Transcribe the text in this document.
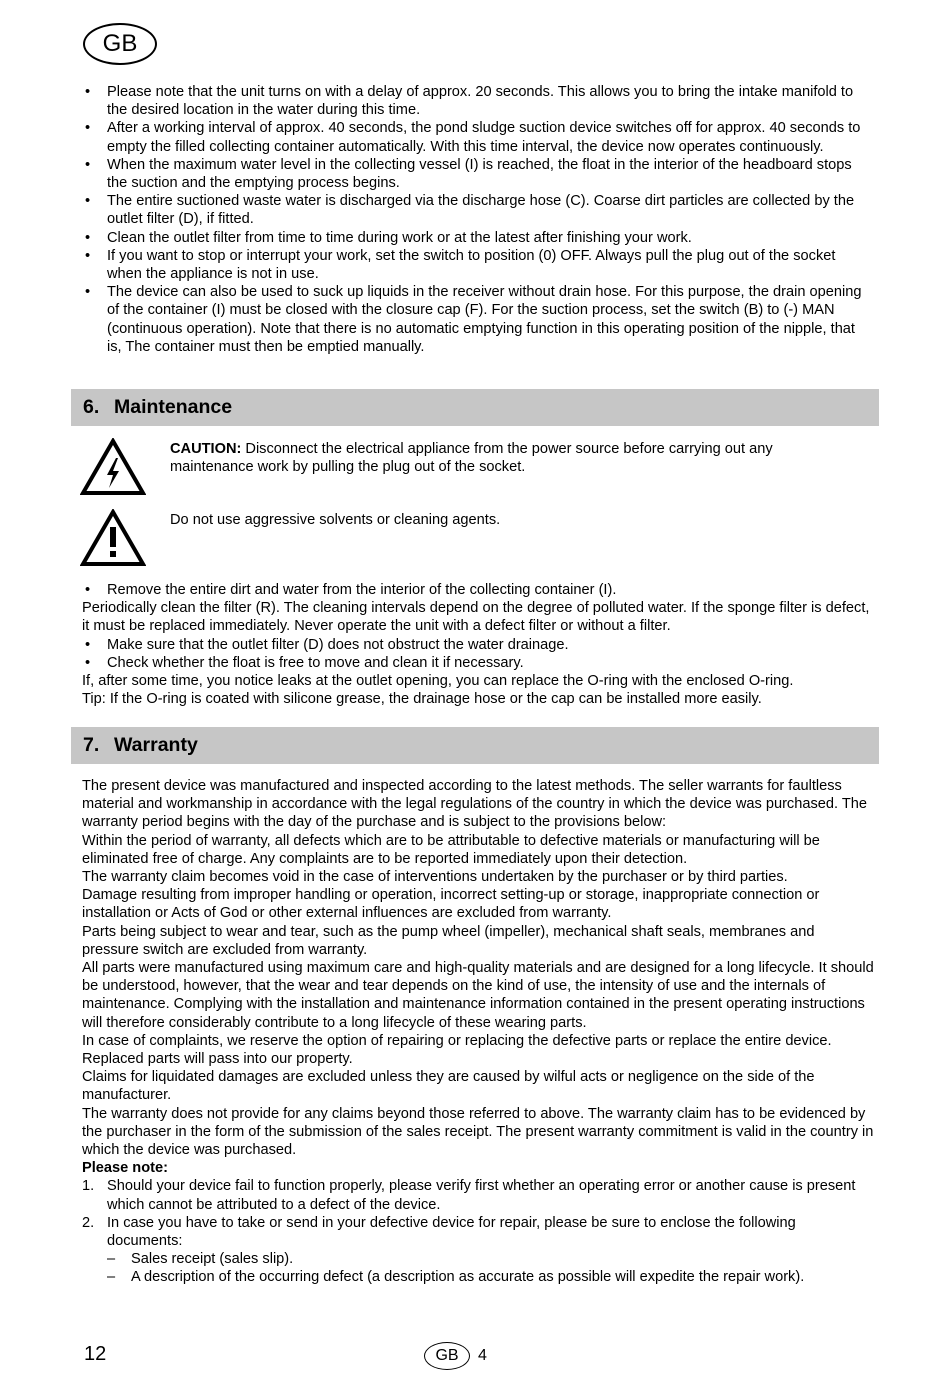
GB
• Please note that the unit turns on with a delay of approx. 20 seconds. This allows you to bring the intake manifold to the desired location in the water during this time.
• After a working interval of approx. 40 seconds, the pond sludge suction device switches off for approx. 40 seconds to empty the filled collecting container automatically. With this time interval, the device now operates continuously.
• When the maximum water level in the collecting vessel (I) is reached, the float in the interior of the headboard stops the suction and the emptying process begins.
• The entire suctioned waste water is discharged via the discharge hose (C). Coarse dirt particles are collected by the outlet filter (D), if fitted.
• Clean the outlet filter from time to time during work or at the latest after finishing your work.
• If you want to stop or interrupt your work, set the switch to position (0) OFF. Always pull the plug out of the socket when the appliance is not in use.
• The device can also be used to suck up liquids in the receiver without drain hose. For this purpose, the drain opening of the container (I) must be closed with the closure cap (F). For the suction process, set the switch (B) to (-) MAN (continuous operation). Note that there is no automatic emptying function in this operating position of the nipple, that is, The container must then be emptied manually.
6. Maintenance
CAUTION: Disconnect the electrical appliance from the power source before carrying out any maintenance work by pulling the plug out of the socket.
Do not use aggressive solvents or cleaning agents.
• Remove the entire dirt and water from the interior of the collecting container (I).

Periodically clean the filter (R). The cleaning intervals depend on the degree of polluted water. If the sponge filter is defect, it must be replaced immediately. Never operate the unit with a defect filter or without a filter.

• Make sure that the outlet filter (D) does not obstruct the water drainage.
• Check whether the float is free to move and clean it if necessary.

If, after some time, you notice leaks at the outlet opening, you can replace the O-ring with the enclosed O-ring.

Tip: If the O-ring is coated with silicone grease, the drainage hose or the cap can be installed more easily.

7. Warranty

The present device was manufactured and inspected according to the latest methods. The seller warrants for faultless material and workmanship in accordance with the legal regulations of the country in which the device was purchased. The warranty period begins with the day of the purchase and is subject to the provisions below:

Within the period of warranty, all defects which are to be attributable to defective materials or manufacturing will be eliminated free of charge. Any complaints are to be reported immediately upon their detection.

The warranty claim becomes void in the case of interventions undertaken by the purchaser or by third parties.

Damage resulting from improper handling or operation, incorrect setting-up or storage, inappropriate connection or installation or Acts of God or other external influences are excluded from warranty.

Parts being subject to wear and tear, such as the pump wheel (impeller), mechanical shaft seals, membranes and pressure switch are excluded from warranty.

All parts were manufactured using maximum care and high-quality materials and are designed for a long lifecycle. It should be understood, however, that the wear and tear depends on the kind of use, the intensity of use and the internals of maintenance. Complying with the installation and maintenance information contained in the present operating instructions will therefore considerably contribute to a long lifecycle of these wearing parts.

In case of complaints, we reserve the option of repairing or replacing the defective parts or replace the entire device. Replaced parts will pass into our property.

Claims for liquidated damages are excluded unless they are caused by wilful acts or negligence on the side of the manufacturer.

The warranty does not provide for any claims beyond those referred to above. The warranty claim has to be evidenced by the purchaser in the form of the submission of the sales receipt. The present warranty commitment is valid in the country in which the device was purchased.

Please note:

1. Should your device fail to function properly, please verify first whether an operating error or another cause is present which cannot be attributed to a defect of the device.
2. In case you have to take or send in your defective device for repair, please be sure to enclose the following documents:
– Sales receipt (sales slip).
– A description of the occurring defect (a description as accurate as possible will expedite the repair work).
12	GB 4
